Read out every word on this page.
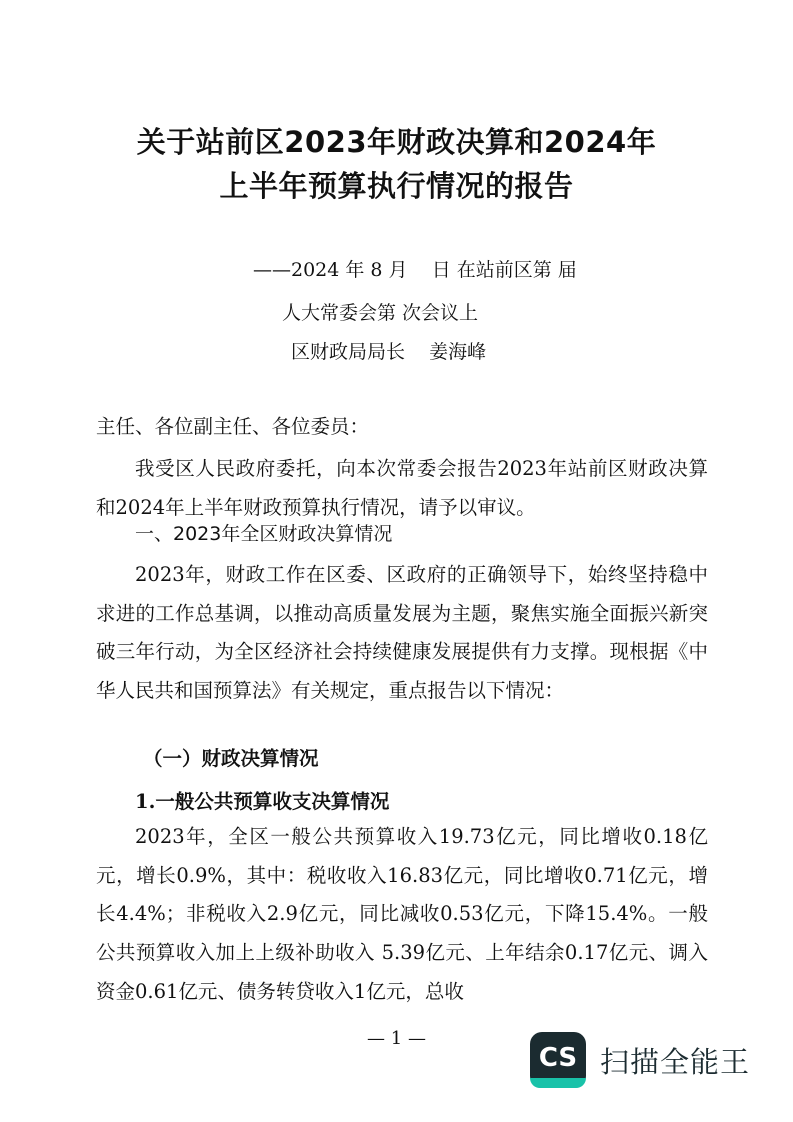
关于站前区2023年财政决算和2024年
上半年预算执行情况的报告
——2024 年 8 月    日 在站前区第 届
人大常委会第 次会议上
区财政局局长    姜海峰

主任、各位副主任、各位委员：

我受区人民政府委托，向本次常委会报告2023年站前区财政决算和2024年上半年财政预算执行情况，请予以审议。

一、2023年全区财政决算情况

2023年，财政工作在区委、区政府的正确领导下，始终坚持稳中求进的工作总基调，以推动高质量发展为主题，聚焦实施全面振兴新突破三年行动，为全区经济社会持续健康发展提供有力支撑。现根据《中华人民共和国预算法》有关规定，重点报告以下情况：

（一）财政决算情况
1.一般公共预算收支决算情况

2023年，全区一般公共预算收入19.73亿元，同比增收0.18亿元，增长0.9%，其中：税收收入16.83亿元，同比增收0.71亿元，增长4.4%；非税收入2.9亿元，同比减收0.53亿元，下降15.4%。一般公共预算收入加上上级补助收入 5.39亿元、上年结余0.17亿元、调入资金0.61亿元、债务转贷收入1亿元，总收

— 1 —
CS 扫描全能王
